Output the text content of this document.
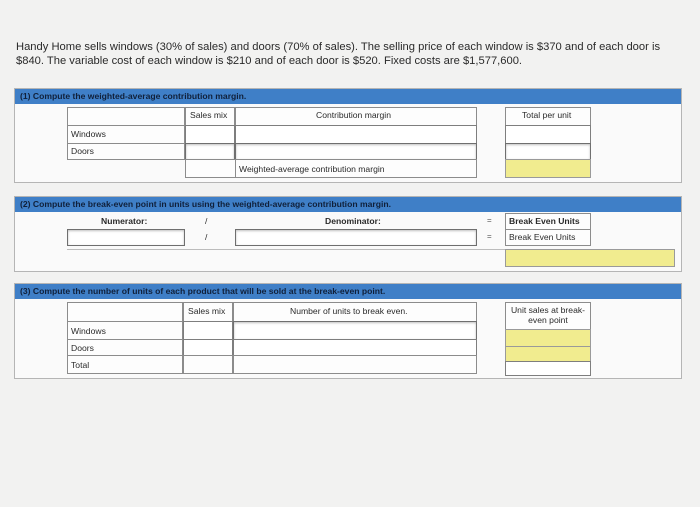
Handy Home sells windows (30% of sales) and doors (70% of sales). The selling price of each window is $370 and of each door is $840. The variable cost of each window is $210 and of each door is $520. Fixed costs are $1,577,600.
(1) Compute the weighted-average contribution margin.
Sales mix	Contribution margin	Total per unit
Windows
Doors
Weighted-average contribution margin
(2) Compute the break-even point in units using the weighted-average contribution margin.
Numerator:	/	Denominator:	= Break Even Units
/	= Break Even Units
(3) Compute the number of units of each product that will be sold at the break-even point.
Sales mix	Number of units to break even.	Unit sales at break-even point
Windows
Doors
Total
